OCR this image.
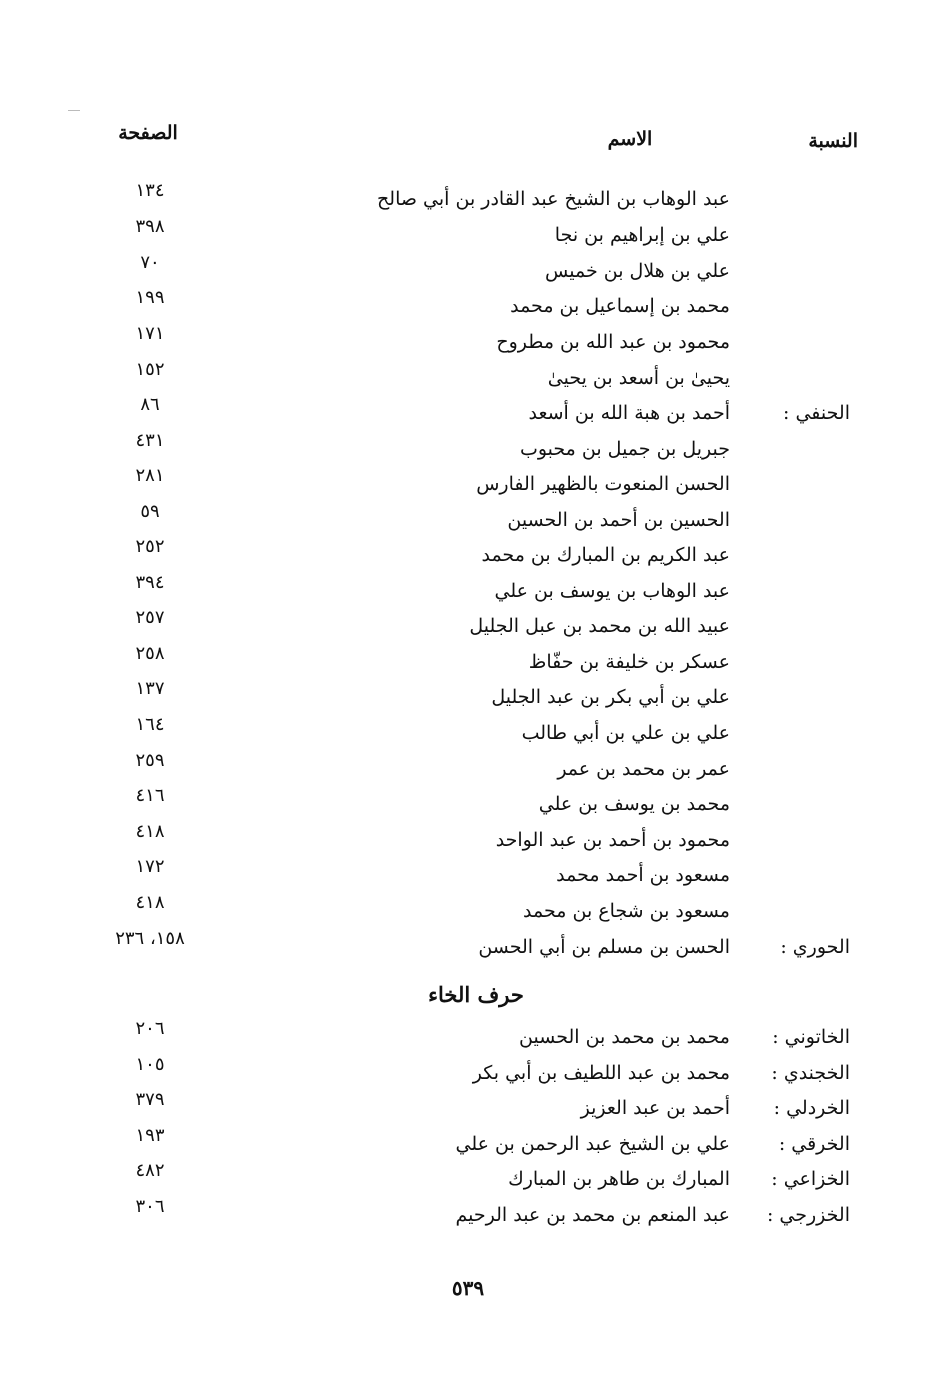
النسبة
الاسم
الصفحة
عبد الوهاب بن الشيخ عبد القادر بن أبي صالح
١٣٤
علي بن إبراهيم بن نجا
٣٩٨
علي بن هلال بن خميس
٧٠
محمد بن إسماعيل بن محمد
١٩٩
محمود بن عبد الله بن مطروح
١٧١
يحيىٰ بن أسعد بن يحيىٰ
١٥٢
الحنفي :
أحمد بن هبة الله بن أسعد
٨٦
جبريل بن جميل بن محبوب
٤٣١
الحسن المنعوت بالظهير الفارس
٢٨١
الحسين بن أحمد بن الحسين
٥٩
عبد الكريم بن المبارك بن محمد
٢٥٢
عبد الوهاب بن يوسف بن علي
٣٩٤
عبيد الله بن محمد بن عبل الجليل
٢٥٧
عسكر بن خليفة بن حفّاظ
٢٥٨
علي بن أبي بكر بن عبد الجليل
١٣٧
علي بن علي بن أبي طالب
١٦٤
عمر بن محمد بن عمر
٢٥٩
محمد بن يوسف بن علي
٤١٦
محمود بن أحمد بن عبد الواحد
٤١٨
مسعود بن أحمد محمد
١٧٢
مسعود بن شجاع بن محمد
٤١٨
الحوري :
الحسن بن مسلم بن أبي الحسن
١٥٨، ٢٣٦
حرف الخاء
الخاتوني :
محمد بن محمد بن الحسين
٢٠٦
الخجندي :
محمد بن عبد اللطيف بن أبي بكر
١٠٥
الخردلي :
أحمد بن عبد العزيز
٣٧٩
الخرقي :
علي بن الشيخ عبد الرحمن بن علي
١٩٣
الخزاعي :
المبارك بن طاهر بن المبارك
٤٨٢
الخزرجي :
عبد المنعم بن محمد بن عبد الرحيم
٣٠٦
٥٣٩
